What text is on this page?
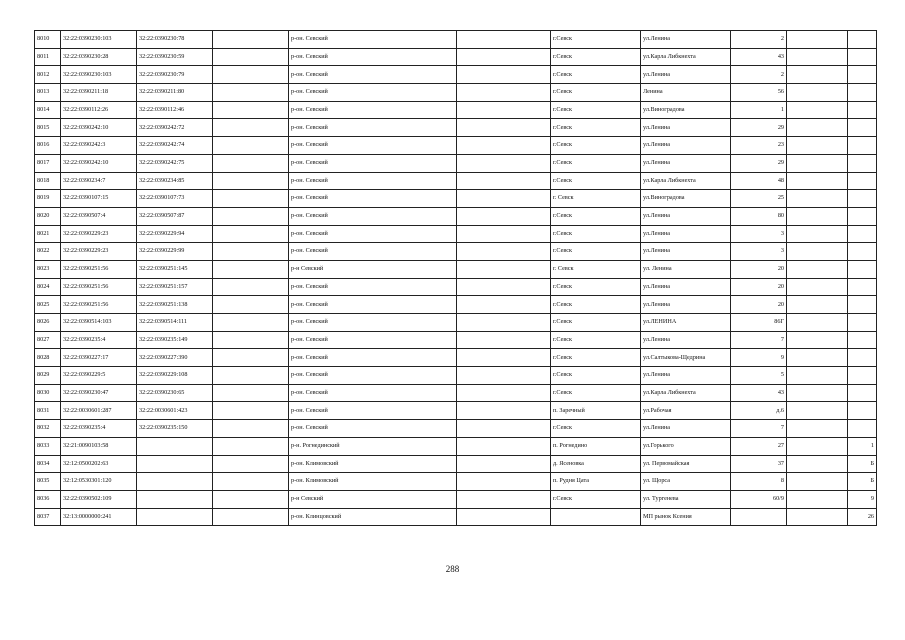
8010	32:22:0390230:103	32:22:0390230:78		р-он. Севский		г.Севск	ул.Ленина	2		
8011	32:22:0390230:28	32:22:0390230:59		р-он. Севский		г.Севск	ул.Карла Либкнехта	43		
8012	32:22:0390230:103	32:22:0390230:79		р-он. Севский		г.Севск	ул.Ленина	2		
8013	32:22:0390211:18	32:22:0390211:80		р-он. Севский		г.Севск	Ленина	56		
8014	32:22:0390112:26	32:22:0390112:46		р-он. Севский		г.Севск	ул.Виноградова	1		
8015	32:22:0390242:10	32:22:0390242:72		р-он. Севский		г.Севск	ул.Ленина	29		
8016	32:22:0390242:3	32:22:0390242:74		р-он. Севский		г.Севск	ул.Ленина	23		
8017	32:22:0390242:10	32:22:0390242:75		р-он. Севский		г.Севск	ул.Ленина	29		
8018	32:22:0390234:7	32:22:0390234:85		р-он. Севский		г.Севск	ул.Карла Либкнехта	48		
8019	32:22:0390107:15	32:22:0390107:73		р-он. Севский		г. Севск	ул.Виноградова	25		
8020	32:22:0390507:4	32:22:0390507:87		р-он. Севский		г.Севск	ул.Ленина	80		
8021	32:22:0390229:23	32:22:0390229:94		р-он. Севский		г.Севск	ул.Ленина	3		
8022	32:22:0390229:23	32:22:0390229:99		р-он. Севский		г.Севск	ул.Ленина	3		
8023	32:22:0390251:56	32:22:0390251:145		р-н Севский		г. Севск	ул. Ленина	20		
8024	32:22:0390251:56	32:22:0390251:157		р-он. Севский		г.Севск	ул.Ленина	20		
8025	32:22:0390251:56	32:22:0390251:138		р-он. Севский		г.Севск	ул.Ленина	20		
8026	32:22:0390514:103	32:22:0390514:111		р-он. Севский		г.Севск	ул.ЛЕНИНА	86Г		
8027	32:22:0390235:4	32:22:0390235:149		р-он. Севский		г.Севск	ул.Ленина	7		
8028	32:22:0390227:17	32:22:0390227:390		р-он. Севский		г.Севск	ул.Салтыкова-Щедрина	9		
8029	32:22:0390229:5	32:22:0390229:108		р-он. Севский		г.Севск	ул.Ленина	5		
8030	32:22:0390230:47	32:22:0390230:65		р-он. Севский		г.Севск	ул.Карла Либкнехта	43		
8031	32:22:0030601:287	32:22:0030601:423		р-он. Севский		п. Заречный	ул.Рабочая	д.6		
8032	32:22:0390235:4	32:22:0390235:150		р-он. Севский		г.Севск	ул.Ленина	7		
8033	32:21:0090103:58			р-н. Рогнединский		п. Рогнедино	ул.Горького	27		1
8034	32:12:0500202:63			р-он. Климовский		д. Ясеновка	ул. Первомайская	37		Б
8035	32:12:0530301:120			р-он. Климовский		п. Рудня Цата	ул. Щорса	8		Б
8036	32:22:0390502:109			р-н Севский		г.Севск	ул. Тургенева	60/9		9
8037	32:13:0000000:241			р-он. Клинцовский			МП рынок Ксения			26
288
